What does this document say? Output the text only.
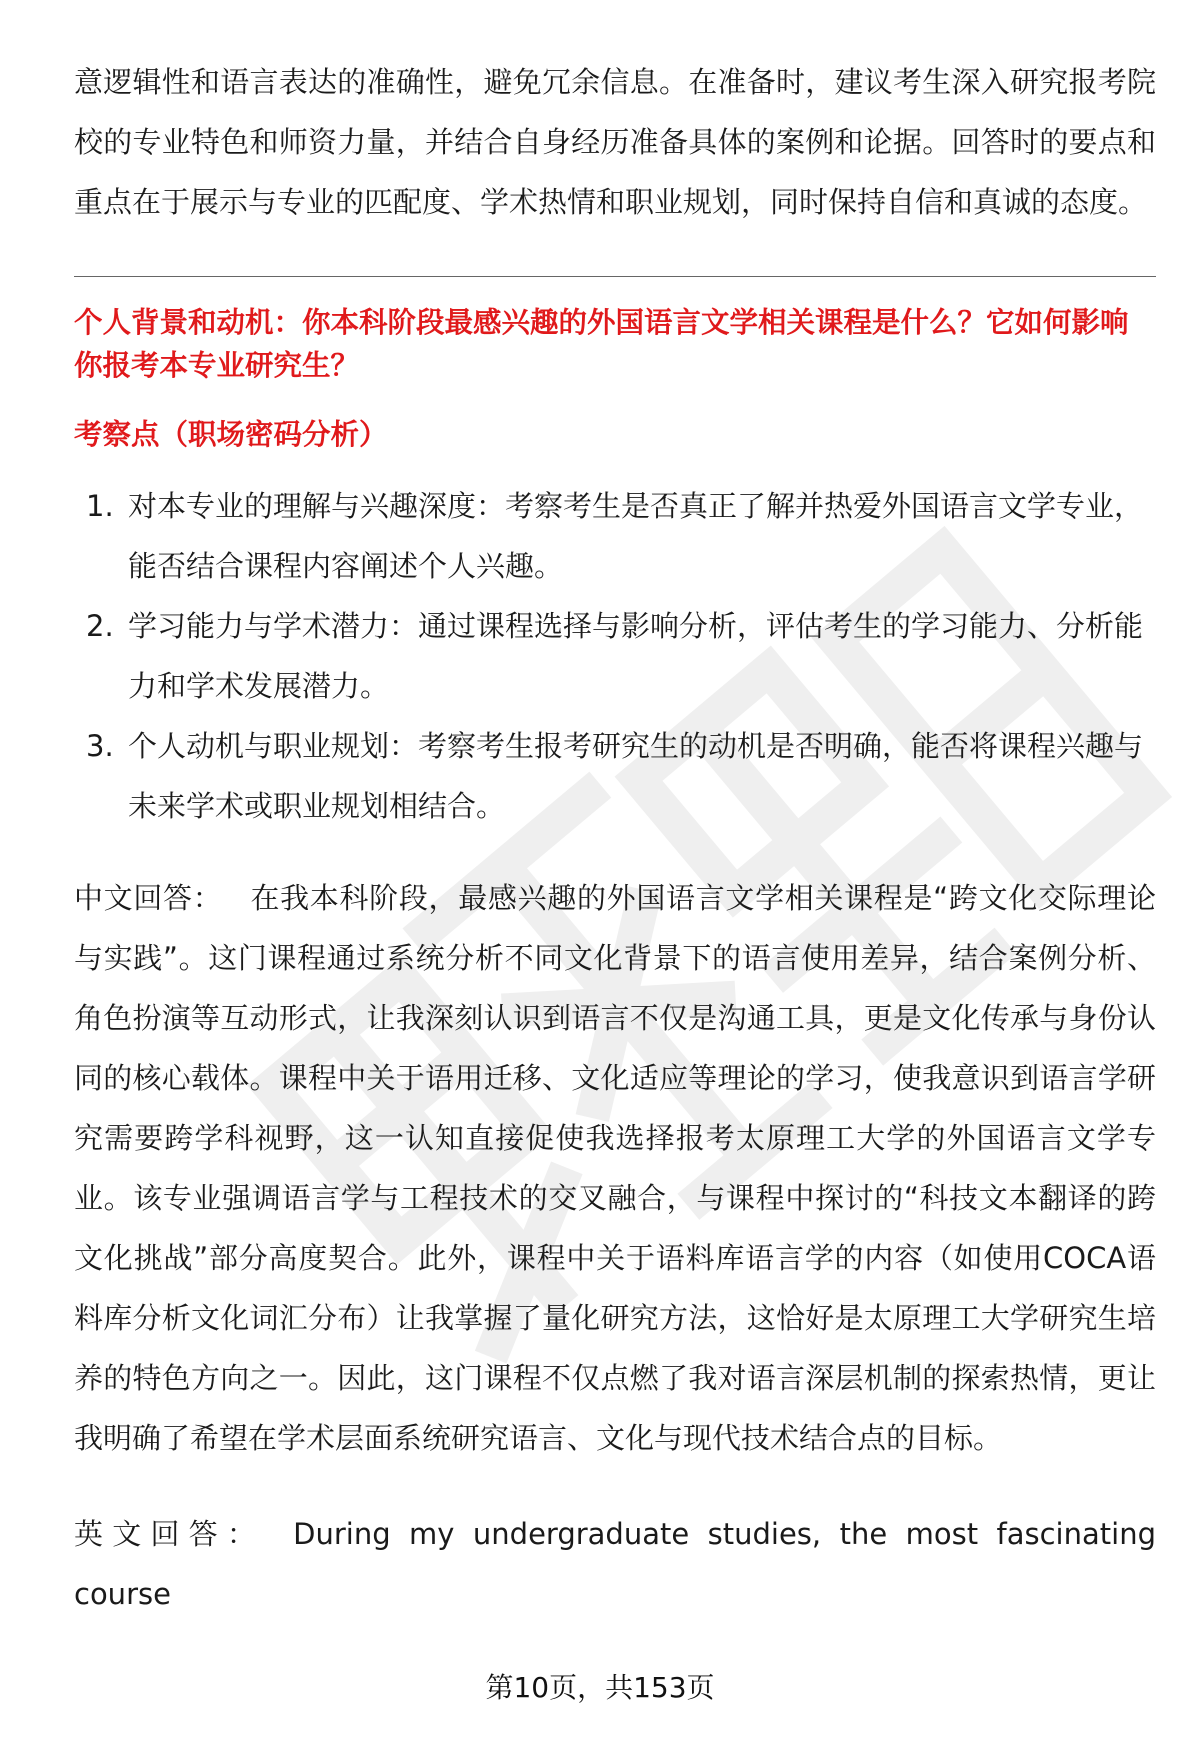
意逻辑性和语言表达的准确性，避免冗余信息。在准备时，建议考生深入研究报考院校的专业特色和师资力量，并结合自身经历准备具体的案例和论据。回答时的要点和重点在于展示与专业的匹配度、学术热情和职业规划，同时保持自信和真诚的态度。

个人背景和动机：你本科阶段最感兴趣的外国语言文学相关课程是什么？它如何影响你报考本专业研究生？

考察点（职场密码分析）

1. 对本专业的理解与兴趣深度：考察考生是否真正了解并热爱外国语言文学专业，能否结合课程内容阐述个人兴趣。
2. 学习能力与学术潜力：通过课程选择与影响分析，评估考生的学习能力、分析能力和学术发展潜力。
3. 个人动机与职业规划：考察考生报考研究生的动机是否明确，能否将课程兴趣与未来学术或职业规划相结合。

中文回答： 在我本科阶段，最感兴趣的外国语言文学相关课程是“跨文化交际理论与实践”。这门课程通过系统分析不同文化背景下的语言使用差异，结合案例分析、角色扮演等互动形式，让我深刻认识到语言不仅是沟通工具，更是文化传承与身份认同的核心载体。课程中关于语用迁移、文化适应等理论的学习，使我意识到语言学研究需要跨学科视野，这一认知直接促使我选择报考太原理工大学的外国语言文学专业。该专业强调语言学与工程技术的交叉融合，与课程中探讨的“科技文本翻译的跨文化挑战”部分高度契合。此外，课程中关于语料库语言学的内容（如使用COCA语料库分析文化词汇分布）让我掌握了量化研究方法，这恰好是太原理工大学研究生培养的特色方向之一。因此，这门课程不仅点燃了我对语言深层机制的探索热情，更让我明确了希望在学术层面系统研究语言、文化与现代技术结合点的目标。

英文回答： During my undergraduate studies, the most fascinating course

第10页，共153页
